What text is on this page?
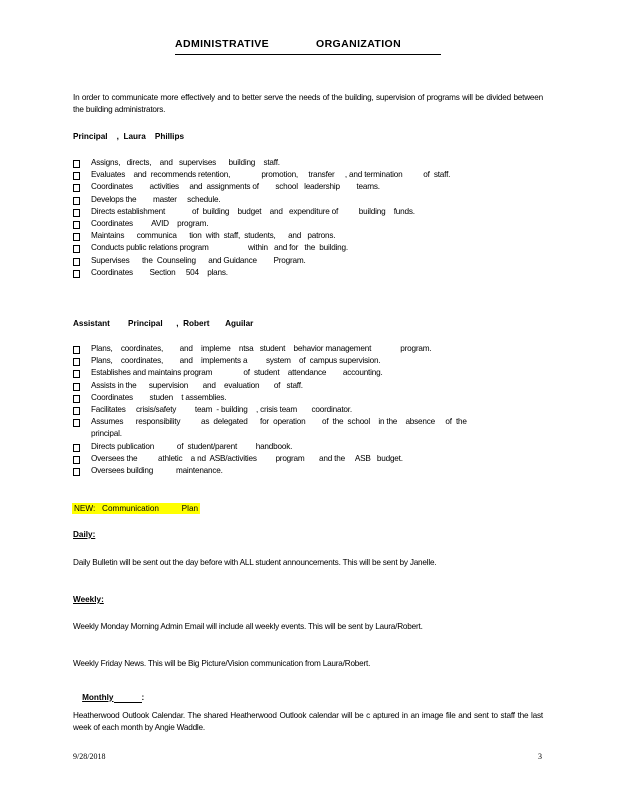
ADMINISTRATIVE	ORGANIZATION
In order to communicate more effectively and to better serve the needs of the building, supervision of programs will be divided between the building administrators.
Principal    ,  Laura    Phillips
Assigns,   directs,    and   supervises      building    staff.
Evaluates    and  recommends retention,               promotion,     transfer     , and termination          of  staff.
Coordinates        activities     and  assignments of        school   leadership        teams.
Develops the        master     schedule.
Directs establishment             of  building    budget    and   expenditure of          building    funds.
Coordinates         AVID    program.
Maintains      communica      tion  with  staff,  students,      and   patrons.
Conducts public relations program                   within   and for   the  building.
Supervises      the  Counseling      and Guidance        Program.
Coordinates        Section     504    plans.
Assistant        Principal      ,  Robert       Aguilar
Plans,    coordinates,        and    impleme    ntsa   student    behavior management              program.
Plans,    coordinates,        and    implements a         system    of  campus supervision.
Establishes and maintains program               of  student    attendance        accounting.
Assists in the      supervision       and    evaluation       of   staff.
Coordinates        studen    t assemblies.
Facilitates     crisis/safety         team  - building    , crisis team       coordinator.
Assumes      responsibility          as  delegated      for  operation        of  the  school    in the    absence     of  the
principal.
Directs publication           of  student/parent         handbook.
Oversees the          athletic    a nd  ASB/activities         program       and the     ASB   budget.
Oversees building           maintenance.
NEW:   Communication          Plan
Daily:
Daily Bulletin will be sent out the day before with ALL student announcements. This will be sent by Janelle.
Weekly:
Weekly Monday Morning Admin Email will include all weekly events. This will be sent by Laura/Robert.
Weekly Friday News. This will be Big Picture/Vision communication from Laura/Robert.

Monthly	:

Heatherwood Outlook Calendar. The shared Heatherwood Outlook calendar will be c aptured in an image file and sent to staff the last week of each month by Angie Waddle.
9/28/2018	3
